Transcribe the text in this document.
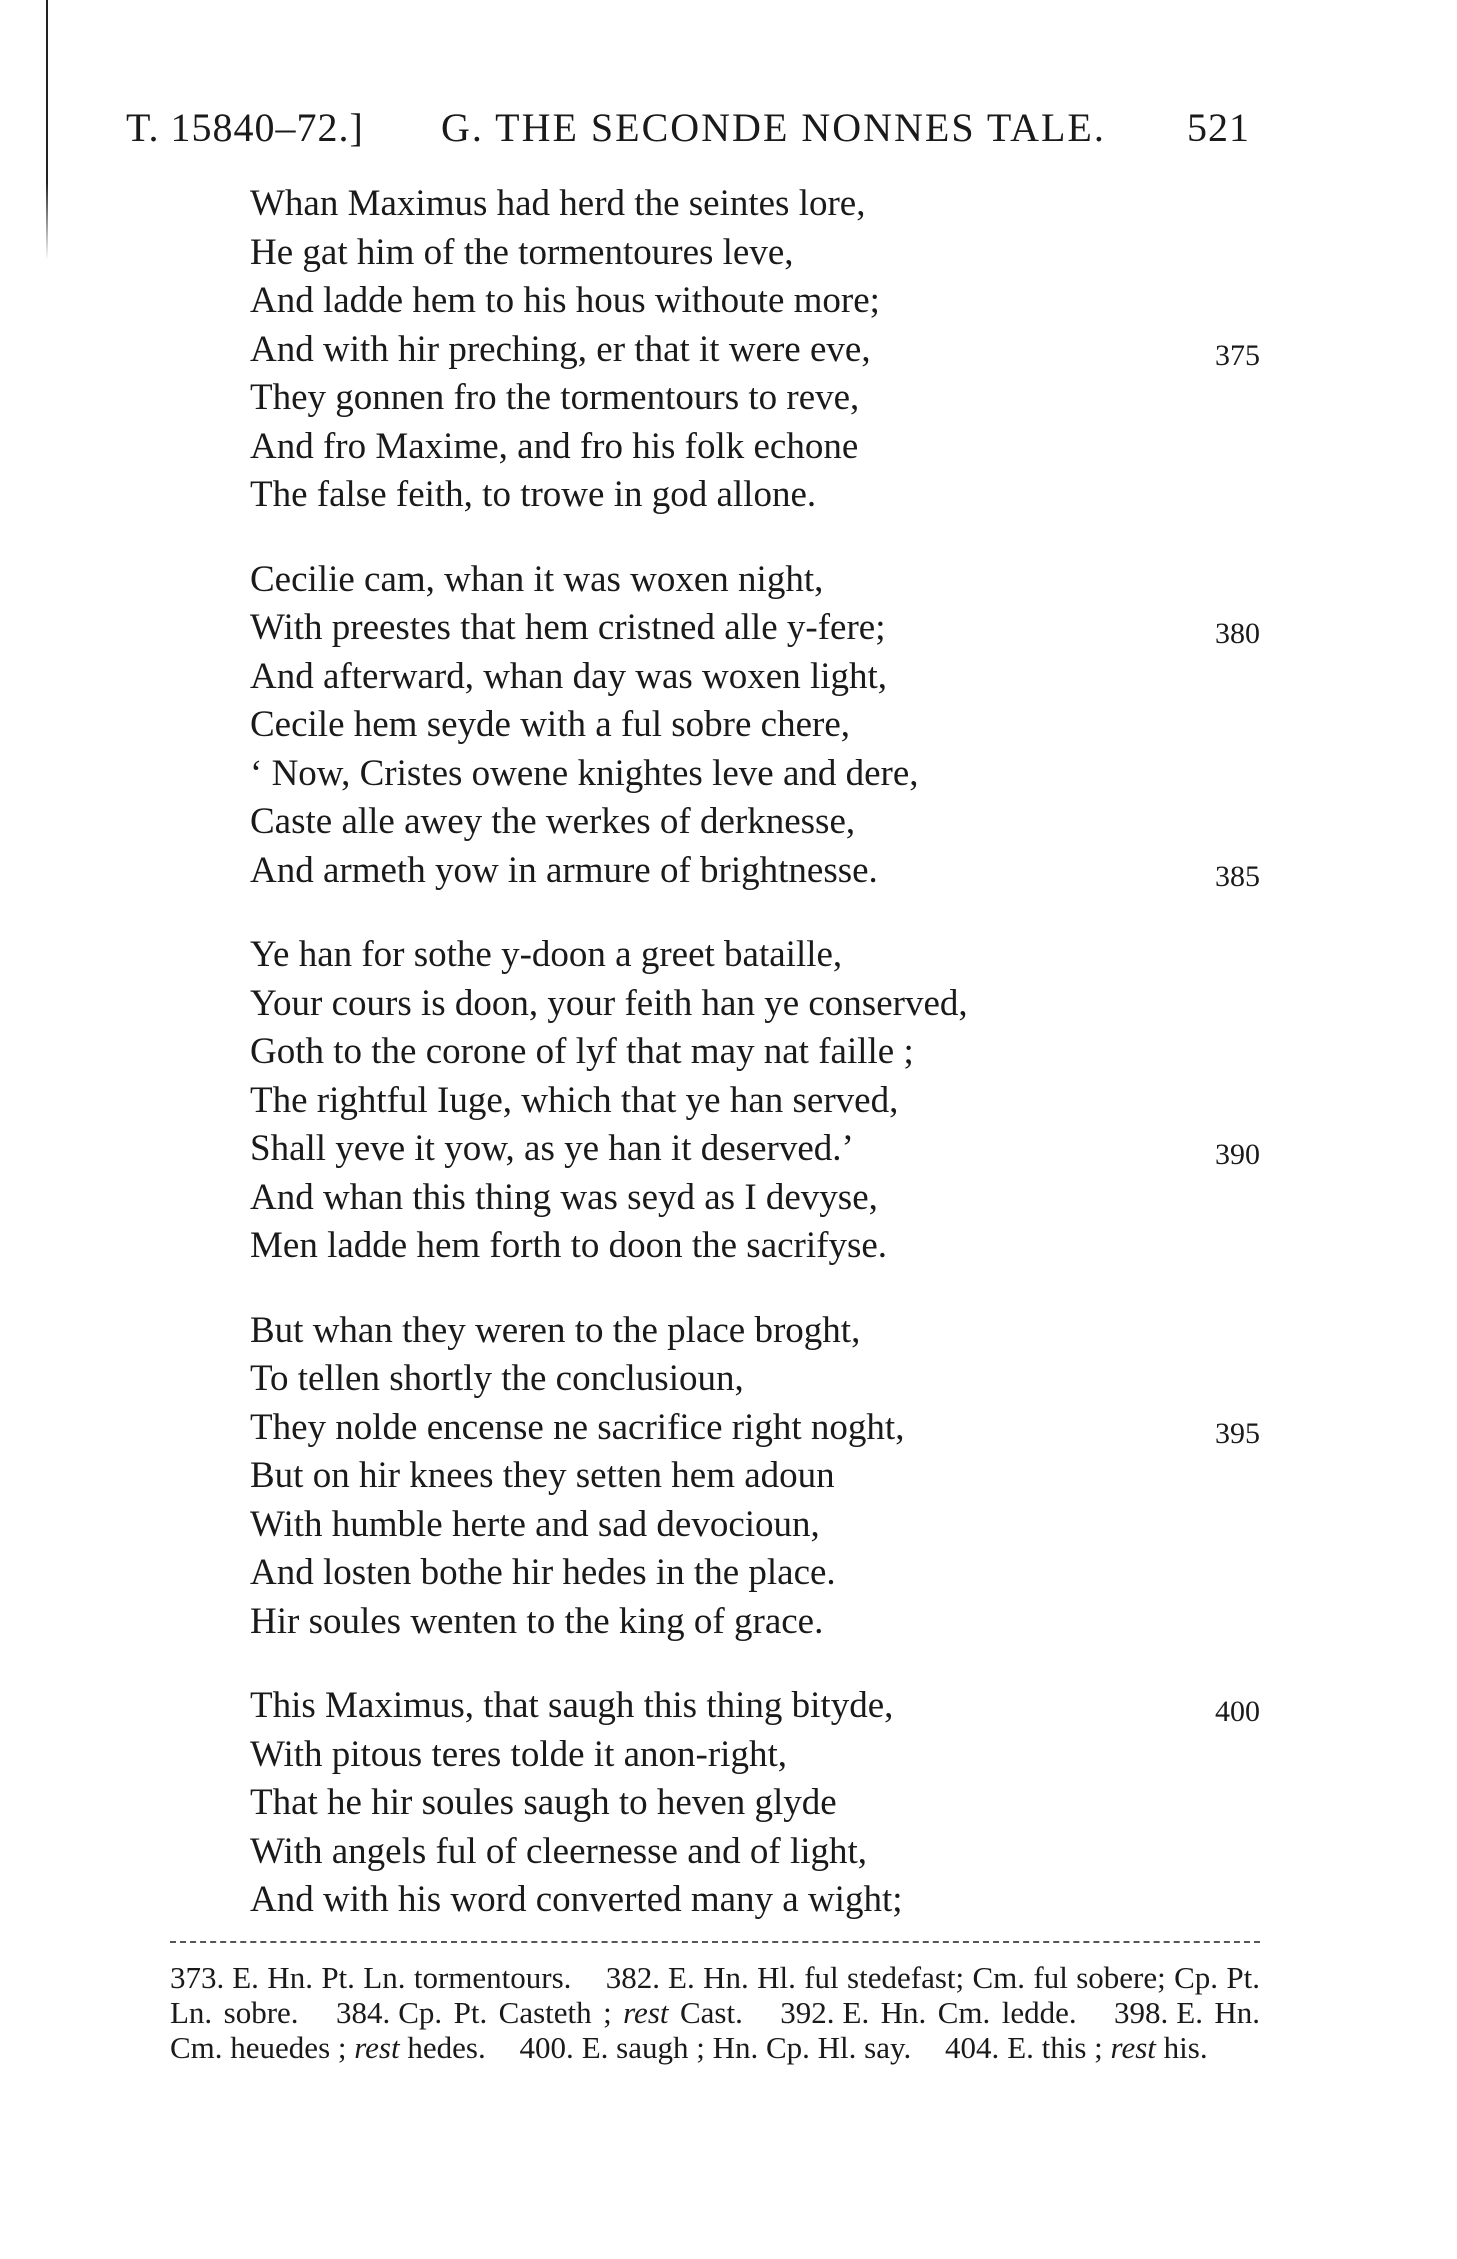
T. 15840–72.] G. THE SECONDE NONNES TALE. 521
Whan Maximus had herd the seintes lore,
He gat him of the tormentoures leve,
And ladde hem to his hous withoute more;
And with hir preching, er that it were eve,	375
They gonnen fro the tormentours to reve,
And fro Maxime, and fro his folk echone
The false feith, to trowe in god allone.
Cecilie cam, whan it was woxen night,
With preestes that hem cristned alle y-fere;	380
And afterward, whan day was woxen light,
Cecile hem seyde with a ful sobre chere,
‘ Now, Cristes owene knightes leve and dere,
Caste alle awey the werkes of derknesse,
And armeth yow in armure of brightnesse.	385
Ye han for sothe y-doon a greet bataille,
Your cours is doon, your feith han ye conserved,
Goth to the corone of lyf that may nat faille ;
The rightful Iuge, which that ye han served,
Shall yeve it yow, as ye han it deserved.’	390
And whan this thing was seyd as I devyse,
Men ladde hem forth to doon the sacrifyse.
But whan they weren to the place broght,
To tellen shortly the conclusioun,
They nolde encense ne sacrifice right noght,	395
But on hir knees they setten hem adoun
With humble herte and sad devocioun,
And losten bothe hir hedes in the place.
Hir soules wenten to the king of grace.
This Maximus, that saugh this thing bityde,	400
With pitous teres tolde it anon-right,
That he hir soules saugh to heven glyde
With angels ful of cleernesse and of light,
And with his word converted many a wight;
373. E. Hn. Pt. Ln. tormentours. 382. E. Hn. Hl. ful stedefast; Cm. ful sobere; Cp. Pt. Ln. sobre. 384. Cp. Pt. Casteth ; rest Cast. 392. E. Hn. Cm. ledde. 398. E. Hn. Cm. heuedes ; rest hedes. 400. E. saugh ; Hn. Cp. Hl. say. 404. E. this ; rest his.
